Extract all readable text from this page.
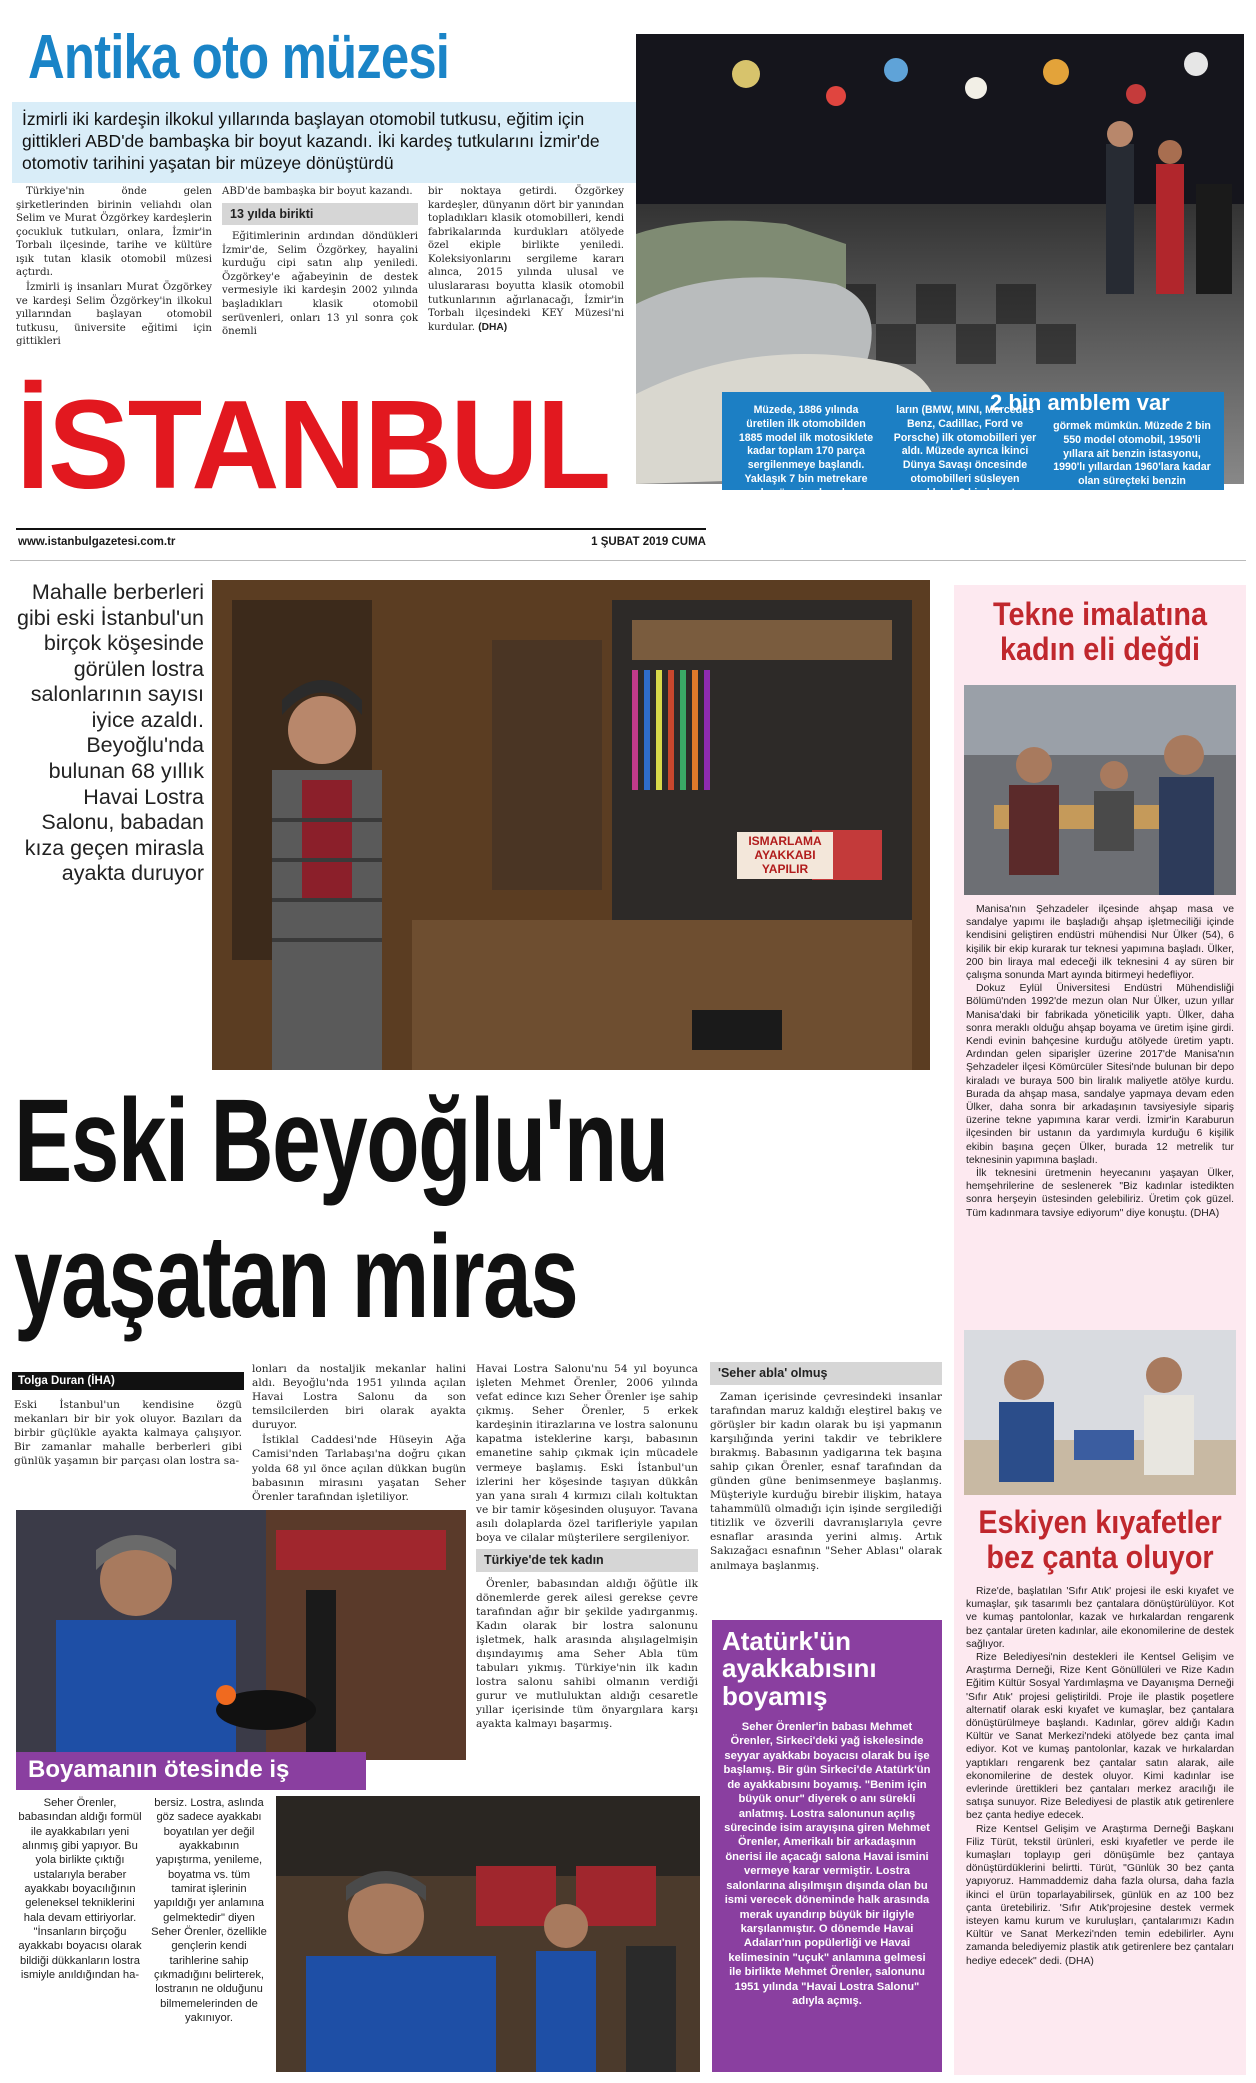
Antika oto müzesi
İzmirli iki kardeşin ilkokul yıllarında başlayan otomobil tutkusu, eğitim için gittikleri ABD'de bambaşka bir boyut kazandı. İki kardeş tutkularını İzmir'de otomotiv tarihini yaşatan bir müzeye dönüştürdü

Türkiye'nin önde gelen şirketlerinden birinin veliahdı olan Selim ve Murat Özgörkey kardeşlerin çocukluk tutkuları, onlara, İzmir'in Torbalı ilçesinde, tarihe ve kültüre ışık tutan klasik otomobil müzesi açtırdı.

İzmirli iş insanları Murat Özgörkey ve kardeşi Selim Özgörkey'in ilkokul yıllarından başlayan otomobil tutkusu, üniversite eğitimi için gittikleri

ABD'de bambaşka bir boyut kazandı.

13 yılda birikti

Eğitimlerinin ardından döndükleri İzmir'de, Selim Özgörkey, hayalini kurduğu cipi satın alıp yeniledi. Özgörkey'e ağabeyinin de destek vermesiyle iki kardeşin 2002 yılında başladıkları klasik otomobil serüvenleri, onları 13 yıl sonra çok önemli

bir noktaya getirdi. Özgörkey kardeşler, dünyanın dört bir yanından topladıkları klasik otomobilleri, kendi fabrikalarında kurdukları atölyede özel ekiple birlikte yeniledi. Koleksiyonlarını sergileme kararı alınca, 2015 yılında ulusal ve uluslararası boyutta klasik otomobil tutkunlarının ağırlanacağı, İzmir'in Torbalı ilçesindeki KEY Müzesi'ni kurdular. (DHA)

Müzede, 1886 yılında üretilen ilk otomobilden 1885 model ilk motosiklete kadar toplam 170 parça sergilenmeye başlandı. Yaklaşık 7 bin metrekare alan üzerine kurulan müzedeki koleksiyonda, bazı marka-
ların (BMW, MINI, Mercedes Benz, Cadillac, Ford ve Porsche) ilk otomobilleri yer aldı. Müzede ayrıca İkinci Dünya Savaşı öncesinde otomobilleri süsleyen yaklaşık 2 bin kaput amblemini de
görmek mümkün. Müzede 2 bin 550 model otomobil, 1950'li yıllara ait benzin istasyonu, 1990'lı yıllardan 1960'lara kadar olan süreçteki benzin pompaları ve otomobil temalı eşarplar yer alıyor.
2 bin amblem var
İSTANBUL
www.istanbulgazetesi.com.tr	1 ŞUBAT 2019 CUMA
Mahalle berberleri gibi eski İstanbul'un birçok köşesinde görülen lostra salonlarının sayısı iyice azaldı. Beyoğlu'nda bulunan 68 yıllık Havai Lostra Salonu, babadan kıza geçen mirasla ayakta duruyor
ISMARLAMA AYAKKABI YAPILIR
Eski Beyoğlu'nu
yaşatan miras
Tolga Duran (İHA)

Eski İstanbul'un kendisine özgü mekanları bir bir yok oluyor. Bazıları da birbir güçlükle ayakta kalmaya çalışıyor. Bir zamanlar mahalle berberleri gibi günlük yaşamın bir parçası olan lostra sa-

lonları da nostaljik mekanlar halini aldı. Beyoğlu'nda 1951 yılında açılan Havai Lostra Salonu da son temsilcilerden biri olarak ayakta duruyor.

İstiklal Caddesi'nde Hüseyin Ağa Camisi'nden Tarlabaşı'na doğru çıkan yolda 68 yıl önce açılan dükkan bugün babasının mirasını yaşatan Seher Örenler tarafından işletiliyor.

Havai Lostra Salonu'nu 54 yıl boyunca işleten Mehmet Örenler, 2006 yılında vefat edince kızı Seher Örenler işe sahip çıkmış. Seher Örenler, 5 erkek kardeşinin itirazlarına ve lostra salonunu kapatma isteklerine karşı, babasının emanetine sahip çıkmak için mücadele vermeye başlamış. Eski İstanbul'un izlerini her köşesinde taşıyan dükkân yan yana sıralı 4 kırmızı cilalı koltuktan ve bir tamir köşesinden oluşuyor. Tavana asılı dolaplarda özel tarifleriyle yapılan boya ve cilalar müşterilere sergileniyor.

Türkiye'de tek kadın

Örenler, babasından aldığı öğütle ilk dönemlerde gerek ailesi gerekse çevre tarafından ağır bir şekilde yadırganmış. Kadın olarak bir lostra salonunu işletmek, halk arasında alışılagelmişin dışındayımış ama Seher Abla tüm tabuları yıkmış. Türkiye'nin ilk kadın lostra salonu sahibi olmanın verdiği gurur ve mutluluktan aldığı cesaretle yıllar içerisinde tüm önyargılara karşı ayakta kalmayı başarmış.

'Seher abla' olmuş

Zaman içerisinde çevresindeki insanlar tarafından maruz kaldığı eleştirel bakış ve görüşler bir kadın olarak bu işi yapmanın karşılığında yerini takdir ve tebriklere bırakmış. Babasının yadigarına tek başına sahip çıkan Örenler, esnaf tarafından da günden güne benimsenmeye başlanmış. Müşteriyle kurduğu birebir ilişkim, hataya tahammülü olmadığı için işinde sergilediği titizlik ve özverili davranışlarıyla çevre esnaflar arasında yerini almış. Artık Sakızağacı esnafının "Seher Ablası" olarak anılmaya başlanmış.

Boyamanın ötesinde iş

Seher Örenler, babasından aldığı formül ile ayakkabıları yeni alınmış gibi yapıyor. Bu yola birlikte çıktığı ustalarıyla beraber ayakkabı boyacılığının geleneksel tekniklerini hala devam ettiriyorlar. "İnsanların birçoğu ayakkabı boyacısı olarak bildiği dükkanların lostra ismiyle anıldığından ha-

bersiz. Lostra, aslında göz sadece ayakkabı boyatılan yer değil ayakkabının yapıştırma, yenileme, boyatma vs. tüm tamirat işlerinin yapıldığı yer anlamına gelmektedir" diyen Seher Örenler, özellikle gençlerin kendi tarihlerine sahip çıkmadığını belirterek, lostranın ne olduğunu bilmemelerinden de yakınıyor.

Atatürk'ün ayakkabısını boyamış
Seher Örenler'in babası Mehmet Örenler, Sirkeci'deki yağ iskelesinde seyyar ayakkabı boyacısı olarak bu işe başlamış. Bir gün Sirkeci'de Atatürk'ün de ayakkabısını boyamış. "Benim için büyük onur" diyerek o anı sürekli anlatmış. Lostra salonunun açılış sürecinde isim arayışına giren Mehmet Örenler, Amerikalı bir arkadaşının önerisi ile açacağı salona Havai ismini vermeye karar vermiştir. Lostra salonlarına alışılmışın dışında olan bu ismi verecek döneminde halk arasında merak uyandırıp büyük bir ilgiyle karşılanmıştır. O dönemde Havai Adaları'nın popülerliği ve Havai kelimesinin "uçuk" anlamına gelmesi ile birlikte Mehmet Örenler, salonunu 1951 yılında "Havai Lostra Salonu" adıyla açmış.
Tekne imalatına kadın eli değdi

Manisa'nın Şehzadeler ilçesinde ahşap masa ve sandalye yapımı ile başladığı ahşap işletmeciliği içinde kendisini geliştiren endüstri mühendisi Nur Ülker (54), 6 kişilik bir ekip kurarak tur teknesi yapımına başladı. Ülker, 200 bin liraya mal edeceği ilk teknesini 4 ay süren bir çalışma sonunda Mart ayında bitirmeyi hedefliyor.

Dokuz Eylül Üniversitesi Endüstri Mühendisliği Bölümü'nden 1992'de mezun olan Nur Ülker, uzun yıllar Manisa'daki bir fabrikada yöneticilik yaptı. Ülker, daha sonra meraklı olduğu ahşap boyama ve üretim işine girdi. Kendi evinin bahçesine kurduğu atölyede üretim yaptı. Ardından gelen siparişler üzerine 2017'de Manisa'nın Şehzadeler ilçesi Kömürcüler Sitesi'nde bulunan bir depo kiraladı ve buraya 500 bin liralık maliyetle atölye kurdu. Burada da ahşap masa, sandalye yapmaya devam eden Ülker, daha sonra bir arkadaşının tavsiyesiyle sipariş üzerine tekne yapımına karar verdi. İzmir'in Karaburun ilçesinden bir ustanın da yardımıyla kurduğu 6 kişilik ekibin başına geçen Ülker, burada 12 metrelik tur teknesinin yapımına başladı.

İlk teknesini üretmenin heyecanını yaşayan Ülker, hemşehrilerine de seslenerek "Biz kadınlar istedikten sonra herşeyin üstesinden gelebiliriz. Üretim çok güzel. Tüm kadınmara tavsiye ediyorum" diye konuştu. (DHA)

Eskiyen kıyafetler bez çanta oluyor

Rize'de, başlatılan 'Sıfır Atık' projesi ile eski kıyafet ve kumaşlar, şık tasarımlı bez çantalara dönüştürülüyor. Kot ve kumaş pantolonlar, kazak ve hırkalardan rengarenk bez çantalar üreten kadınlar, aile ekonomilerine de destek sağlıyor.

Rize Belediyesi'nin destekleri ile Kentsel Gelişim ve Araştırma Derneği, Rize Kent Gönüllüleri ve Rize Kadın Eğitim Kültür Sosyal Yardımlaşma ve Dayanışma Derneği 'Sıfır Atık' projesi geliştirildi. Proje ile plastik poşetlere alternatif olarak eski kıyafet ve kumaşlar, bez çantalara dönüştürülmeye başlandı. Kadınlar, görev aldığı Kadın Kültür ve Sanat Merkezi'ndeki atölyede bez çanta imal ediyor. Kot ve kumaş pantolonlar, kazak ve hırkalardan yaptıkları rengarenk bez çantalar satın alarak, aile ekonomilerine de destek oluyor. Kimi kadınlar ise evlerinde ürettikleri bez çantaları merkez aracılığı ile satışa sunuyor. Rize Belediyesi de plastik atık getirenlere bez çanta hediye edecek.

Rize Kentsel Gelişim ve Araştırma Derneği Başkanı Filiz Türüt, tekstil ürünleri, eski kıyafetler ve perde ile kumaşları toplayıp geri dönüşümle bez çantaya dönüştürdüklerini belirtti. Türüt, "Günlük 30 bez çanta yapıyoruz. Hammaddemiz daha fazla olursa, daha fazla ikinci el ürün toparlayabilirsek, günlük en az 100 bez çanta üretebiliriz. 'Sıfır Atık'projesine destek vermek isteyen kamu kurum ve kuruluşları, çantalarımızı Kadın Kültür ve Sanat Merkezi'nden temin edebilirler. Aynı zamanda belediyemiz plastik atık getirenlere bez çantaları hediye edecek" dedi. (DHA)
